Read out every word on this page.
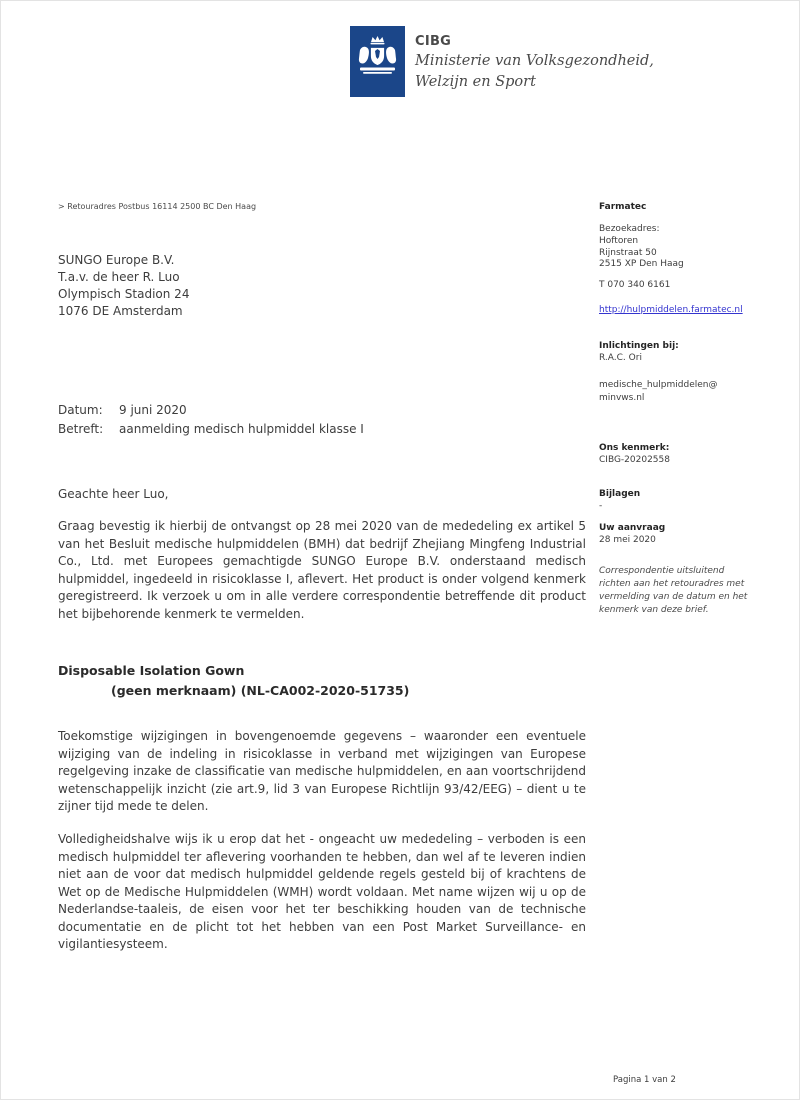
CIBG
Ministerie van Volksgezondheid,
Welzijn en Sport
> Retouradres Postbus 16114 2500 BC Den Haag
SUNGO Europe B.V.
T.a.v. de heer R. Luo
Olympisch Stadion 24
1076 DE Amsterdam
Datum: 9 juni 2020
Betreft: aanmelding medisch hulpmiddel klasse I
Geachte heer Luo,
Graag bevestig ik hierbij de ontvangst op 28 mei 2020 van de mededeling ex artikel 5 van het Besluit medische hulpmiddelen (BMH) dat bedrijf Zhejiang Mingfeng Industrial Co., Ltd. met Europees gemachtigde SUNGO Europe B.V. onderstaand medisch hulpmiddel, ingedeeld in risicoklasse I, aflevert. Het product is onder volgend kenmerk geregistreerd. Ik verzoek u om in alle verdere correspondentie betreffende dit product het bijbehorende kenmerk te vermelden.
Disposable Isolation Gown
(geen merknaam) (NL-CA002-2020-51735)
Toekomstige wijzigingen in bovengenoemde gegevens – waaronder een eventuele wijziging van de indeling in risicoklasse in verband met wijzigingen van Europese regelgeving inzake de classificatie van medische hulpmiddelen, en aan voortschrijdend wetenschappelijk inzicht (zie art.9, lid 3 van Europese Richtlijn 93/42/EEG) – dient u te zijner tijd mede te delen.
Volledigheidshalve wijs ik u erop dat het - ongeacht uw mededeling – verboden is een medisch hulpmiddel ter aflevering voorhanden te hebben, dan wel af te leveren indien niet aan de voor dat medisch hulpmiddel geldende regels gesteld bij of krachtens de Wet op de Medische Hulpmiddelen (WMH) wordt voldaan. Met name wijzen wij u op de Nederlandse-taaleis, de eisen voor het ter beschikking houden van de technische documentatie en de plicht tot het hebben van een Post Market Surveillance- en vigilantiesysteem.
Pagina 1 van 2
Farmatec
Bezoekadres:
Hoftoren
Rijnstraat 50
2515 XP Den Haag
T 070 340 6161
http://hulpmiddelen.farmatec.nl
Inlichtingen bij:
R.A.C. Ori
medische_hulpmiddelen@
minvws.nl
Ons kenmerk:
CIBG-20202558
Bijlagen
-
Uw aanvraag
28 mei 2020
Correspondentie uitsluitend richten aan het retouradres met vermelding van de datum en het kenmerk van deze brief.
